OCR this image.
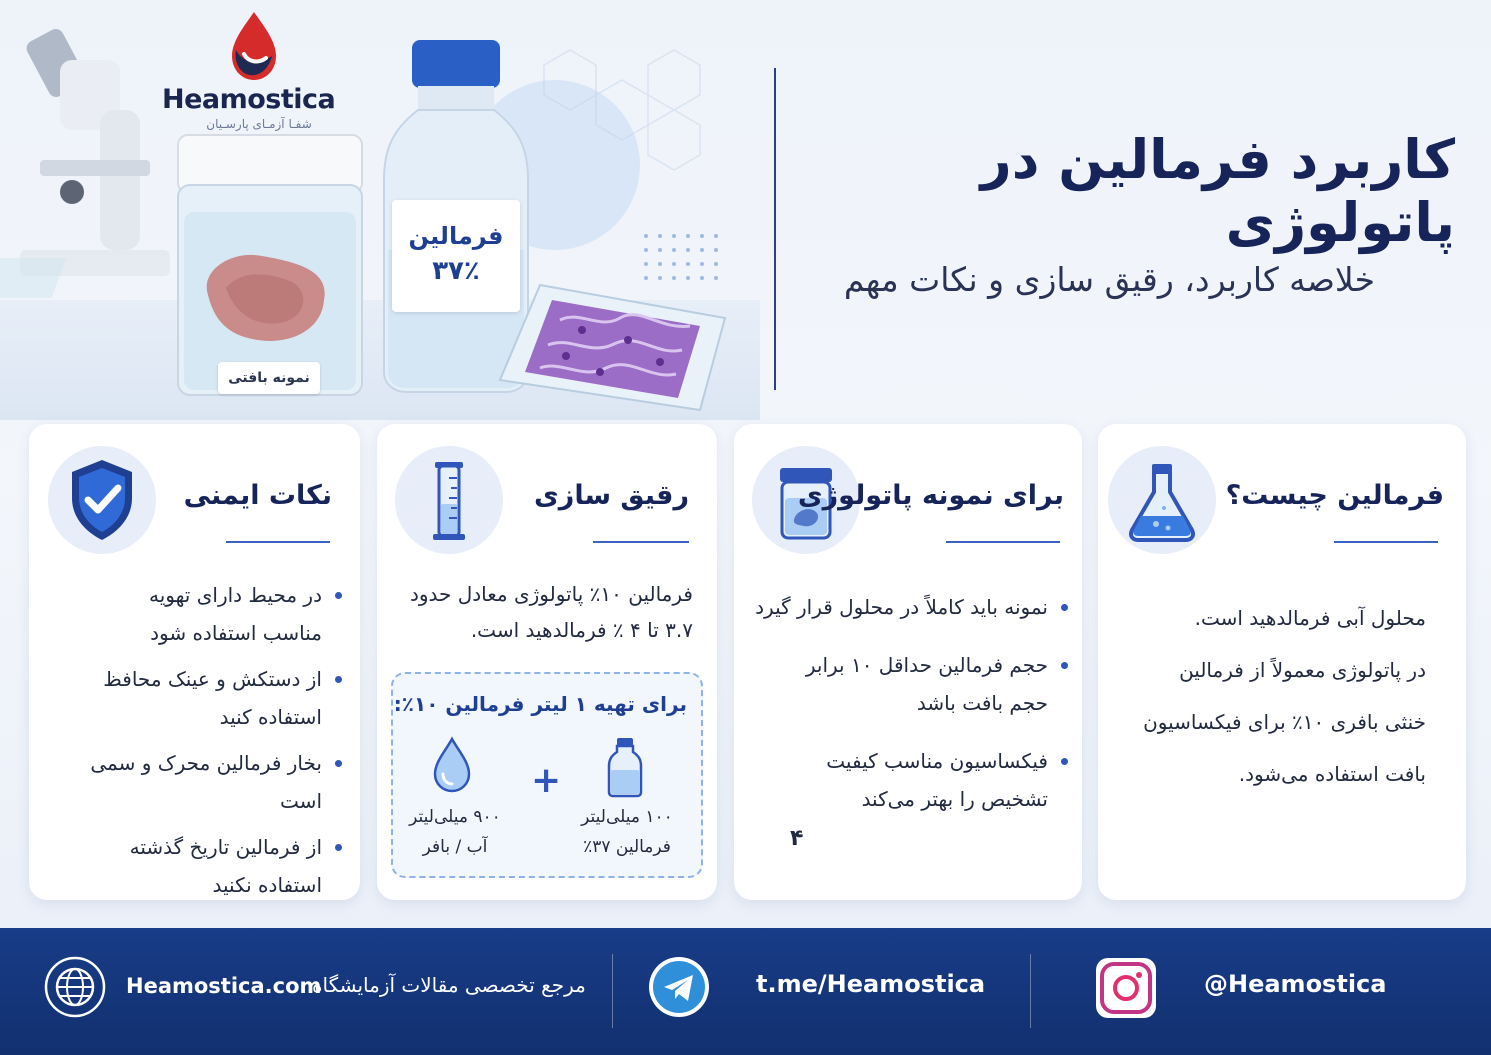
نمونه بافتی
فرمالین
۳۷٪
Heamostica
شفـا آزمـای پارسـیان
کاربرد فرمالین در پاتولوژی
خلاصه کاربرد، رقیق سازی و نکات مهم
فرمالین چیست؟

محلول آبی فرمالدهید است.

در پاتولوژی معمولاً از فرمالین

خنثی بافری ۱۰٪ برای فیکساسیون

بافت استفاده می‌شود.

برای نمونه پاتولوژی
نمونه باید کاملاً در محلول قرار گیرد
حجم فرمالین حداقل ۱۰ برابر حجم بافت باشد
فیکساسیون مناسب کیفیت تشخیص را بهتر می‌کند
۴
رقیق سازی
فرمالین ۱۰٪ پاتولوژی معادل حدود ۳.۷ تا ۴ ٪ فرمالدهید است.
برای تهیه ۱ لیتر فرمالین ۱۰٪:
+
۱۰۰ میلی‌لیتر
فرمالین ۳۷٪
۹۰۰ میلی‌لیتر
آب / بافر
نکات ایمنی
در محیط دارای تهویه مناسب استفاده شود
از دستکش و عینک محافظ استفاده کنید
بخار فرمالین محرک و سمی است
از فرمالین تاریخ گذشته استفاده نکنید
Heamostica.com
مرجع تخصصی مقالات آزمایشگاه	t.me/Heamostica	@Heamostica
